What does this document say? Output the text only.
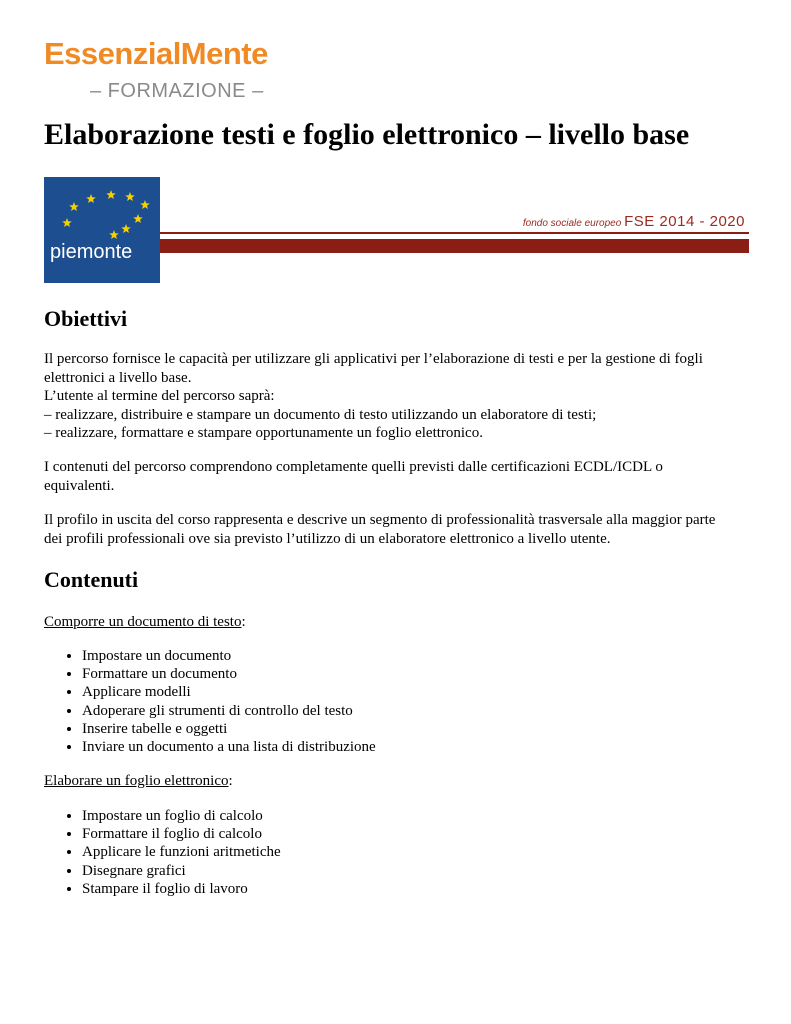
EssenzialMente
– FORMAZIONE –
Elaborazione testi e foglio elettronico – livello base
piemonte
fondo sociale europeo FSE 2014 - 2020
Obiettivi

Il percorso fornisce le capacità per utilizzare gli applicativi per l’elaborazione di testi e per la gestione di fogli
elettronici a livello base.
L’utente al termine del percorso saprà:
– realizzare, distribuire e stampare un documento di testo utilizzando un elaboratore di testi;
– realizzare, formattare e stampare opportunamente un foglio elettronico.

I contenuti del percorso comprendono completamente quelli previsti dalle certificazioni ECDL/ICDL o
equivalenti.

Il profilo in uscita del corso rappresenta e descrive un segmento di professionalità trasversale alla maggior parte
dei profili professionali ove sia previsto l’utilizzo di un elaboratore elettronico a livello utente.

Contenuti

Comporre un documento di testo:

• Impostare un documento
• Formattare un documento
• Applicare modelli
• Adoperare gli strumenti di controllo del testo
• Inserire tabelle e oggetti
• Inviare un documento a una lista di distribuzione

Elaborare un foglio elettronico:

• Impostare un foglio di calcolo
• Formattare il foglio di calcolo
• Applicare le funzioni aritmetiche
• Disegnare grafici
• Stampare il foglio di lavoro
